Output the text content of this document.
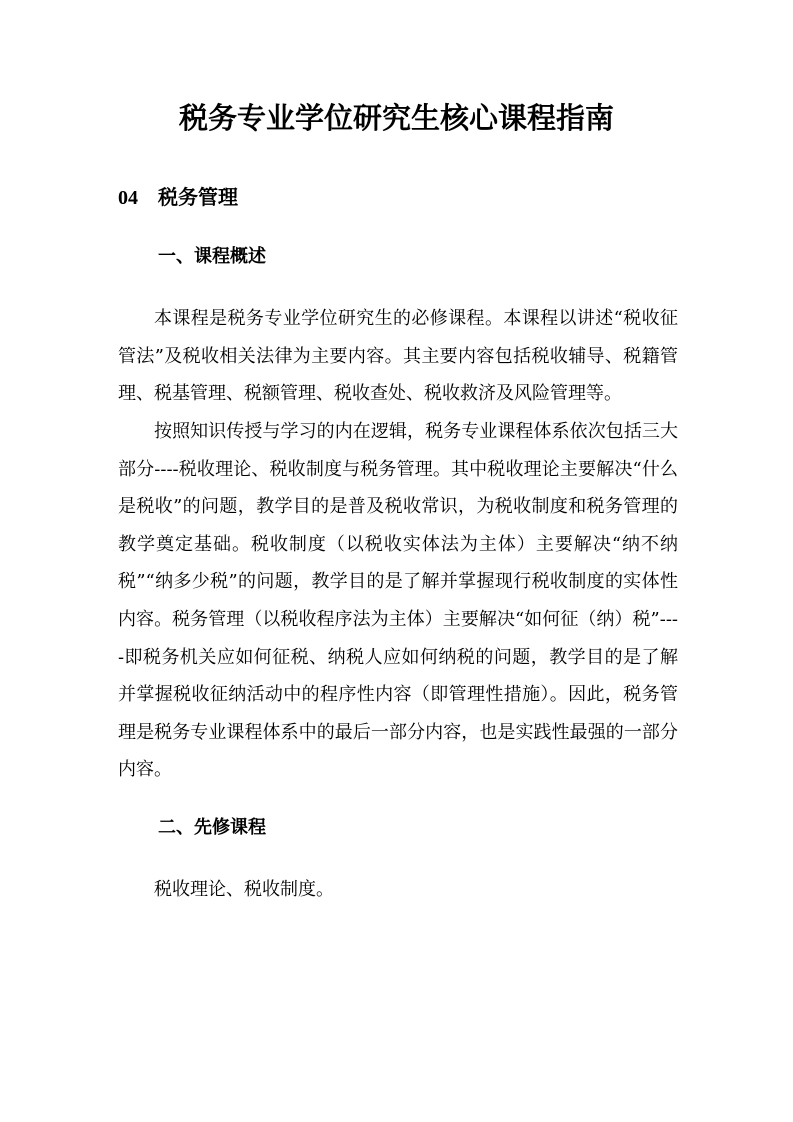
税务专业学位研究生核心课程指南
04 税务管理
一、课程概述

本课程是税务专业学位研究生的必修课程。本课程以讲述“税收征管法”及税收相关法律为主要内容。其主要内容包括税收辅导、税籍管理、税基管理、税额管理、税收查处、税收救济及风险管理等。

按照知识传授与学习的内在逻辑，税务专业课程体系依次包括三大部分----税收理论、税收制度与税务管理。其中税收理论主要解决“什么是税收”的问题，教学目的是普及税收常识，为税收制度和税务管理的教学奠定基础。税收制度（以税收实体法为主体）主要解决“纳不纳税”“纳多少税”的问题，教学目的是了解并掌握现行税收制度的实体性内容。税务管理（以税收程序法为主体）主要解决“如何征（纳）税”----即税务机关应如何征税、纳税人应如何纳税的问题，教学目的是了解并掌握税收征纳活动中的程序性内容（即管理性措施）。因此，税务管理是税务专业课程体系中的最后一部分内容，也是实践性最强的一部分内容。

二、先修课程

税收理论、税收制度。
